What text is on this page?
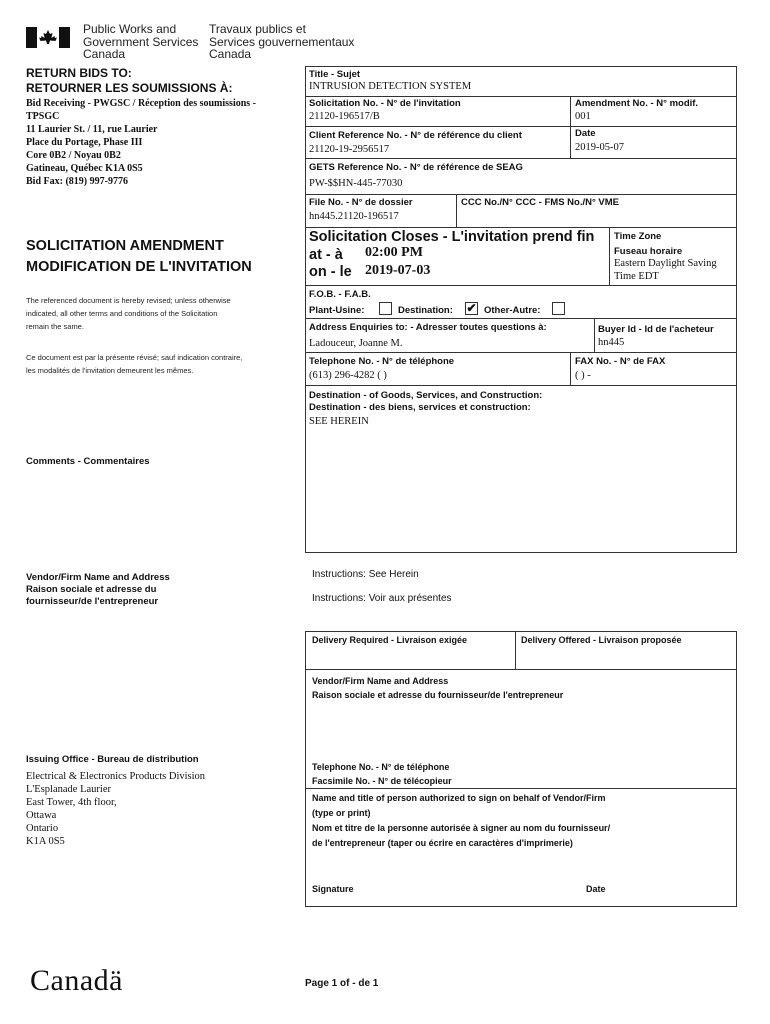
Public Works and
Government Services
Canada
Travaux publics et
Services gouvernementaux
Canada
RETURN BIDS TO:
RETOURNER LES SOUMISSIONS À:
Bid Receiving - PWGSC / Réception des soumissions -
TPSGC
11 Laurier St. / 11, rue Laurier
Place du Portage, Phase III
Core 0B2 / Noyau 0B2
Gatineau, Québec K1A 0S5
Bid Fax: (819) 997-9776
SOLICITATION AMENDMENT
MODIFICATION DE L'INVITATION
The referenced document is hereby revised; unless otherwise
indicated, all other terms and conditions of the Solicitation
remain the same.
Ce document est par la présente révisé; sauf indication contraire,
les modalités de l'invitation demeurent les mêmes.
Comments - Commentaires
Vendor/Firm Name and Address
Raison sociale et adresse du
fournisseur/de l'entrepreneur
Issuing Office - Bureau de distribution
Electrical & Electronics Products Division
L'Esplanade Laurier
East Tower, 4th floor,
Ottawa
Ontario
K1A 0S5
Title - Sujet
INTRUSION DETECTION SYSTEM
Solicitation No. - N° de l'invitation
21120-196517/B
Amendment No. - N° modif.
001
Client Reference No. - N° de référence du client
21120-19-2956517
Date
2019-05-07
GETS Reference No. - N° de référence de SEAG
PW-$$HN-445-77030
File No. - N° de dossier
hn445.21120-196517
CCC No./N° CCC - FMS No./N° VME
Solicitation Closes - L'invitation prend fin
at - à 02:00 PM
on - le 2019-07-03
Time Zone
Fuseau horaire
Eastern Daylight Saving
Time EDT
F.O.B. - F.A.B.
Plant-Usine:	Destination: ✔ Other-Autre:
Address Enquiries to: - Adresser toutes questions à:
Ladouceur, Joanne M.
Buyer Id - Id de l'acheteur
hn445
Telephone No. - N° de téléphone
(613) 296-4282 ( )
FAX No. - N° de FAX
( ) -
Destination - of Goods, Services, and Construction:
Destination - des biens, services et construction:
SEE HEREIN
Instructions: See Herein
Instructions: Voir aux présentes
Delivery Required - Livraison exigée	Delivery Offered - Livraison proposée
Vendor/Firm Name and Address
Raison sociale et adresse du fournisseur/de l'entrepreneur
Telephone No. - N° de téléphone
Facsimile No. - N° de télécopieur
Name and title of person authorized to sign on behalf of Vendor/Firm
(type or print)
Nom et titre de la personne autorisée à signer au nom du fournisseur/
de l'entrepreneur (taper ou écrire en caractères d'imprimerie)
Signature	Date
Canadä	Page 1 of - de 1
